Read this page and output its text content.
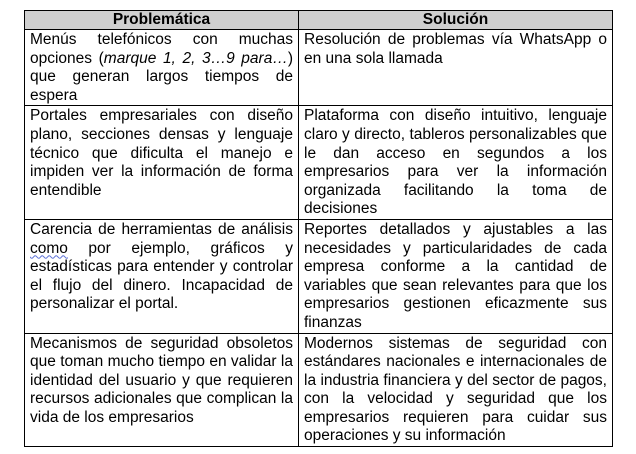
Problemática	Solución
Menús telefónicos con muchas opciones (marque 1, 2, 3…9 para…) que generan largos tiempos de espera	Resolución de problemas vía WhatsApp o en una sola llamada
Portales empresariales con diseño plano, secciones densas y lenguaje técnico que dificulta el manejo e impiden ver la información de forma entendible	Plataforma con diseño intuitivo, lenguaje claro y directo, tableros personalizables que le dan acceso en segundos a los empresarios para ver la información organizada facilitando la toma de decisiones
Carencia de herramientas de análisis como por ejemplo, gráficos y estadísticas para entender y controlar el flujo del dinero. Incapacidad de personalizar el portal.	Reportes detallados y ajustables a las necesidades y particularidades de cada empresa conforme a la cantidad de variables que sean relevantes para que los empresarios gestionen eficazmente sus finanzas
Mecanismos de seguridad obsoletos que toman mucho tiempo en validar la identidad del usuario y que requieren recursos adicionales que complican la vida de los empresarios	Modernos sistemas de seguridad con estándares nacionales e internacionales de la industria financiera y del sector de pagos, con la velocidad y seguridad que los empresarios requieren para cuidar sus operaciones y su información
